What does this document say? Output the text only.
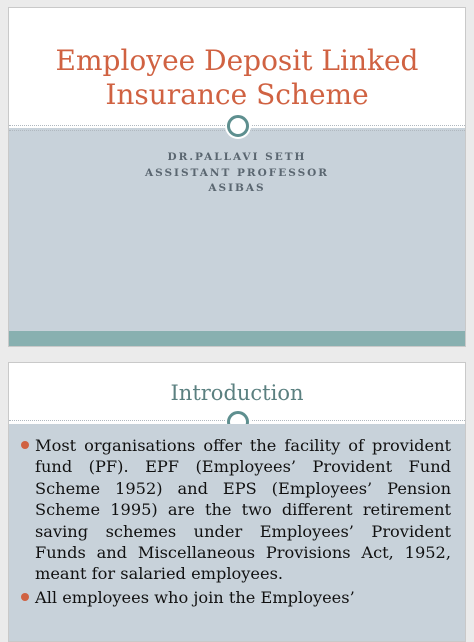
Employee Deposit Linked
Insurance Scheme
DR.PALLAVI SETH
ASSISTANT PROFESSOR
ASIBAS
Introduction
Most organisations offer the facility of provident fund (PF). EPF (Employees’ Provident Fund Scheme 1952) and EPS (Employees’ Pension Scheme 1995) are the two different retirement saving schemes under Employees’ Provident Funds and Miscellaneous Provisions Act, 1952, meant for salaried employees.
All employees who join the Employees’
